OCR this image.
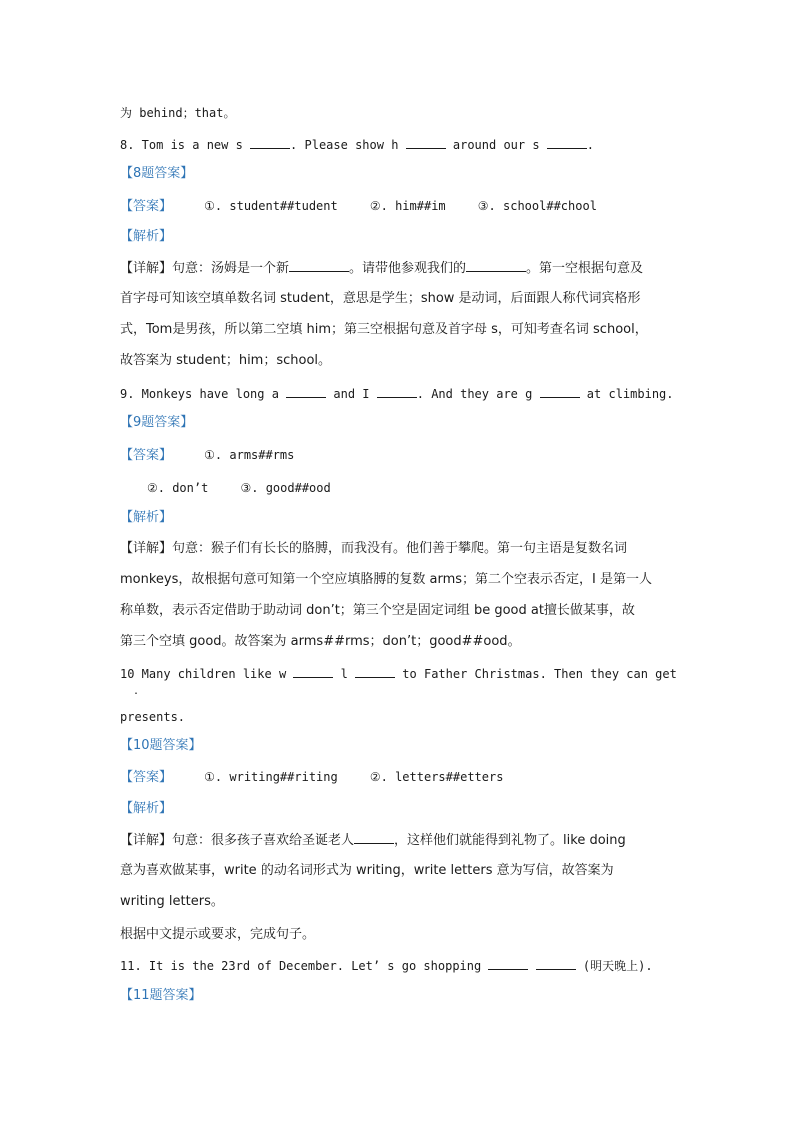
为 behind；that。
8. Tom is a new s	. Please show h	around our s	.
【8题答案】
【答案】	①. student##tudent	②. him##im	③. school##chool
【解析】
【详解】句意：汤姆是一个新	。请带他参观我们的	。第一空根据句意及
首字母可知该空填单数名词 student，意思是学生；show 是动词，后面跟人称代词宾格形
式，Tom是男孩，所以第二空填 him；第三空根据句意及首字母 s，可知考查名词 school，
故答案为 student；him；school。
9. Monkeys have long a	and I	. And they are g	at climbing.
【9题答案】
【答案】	①. arms##rms
②. don’t	③. good##ood
【解析】
【详解】句意：猴子们有长长的胳膊，而我没有。他们善于攀爬。第一句主语是复数名词
monkeys，故根据句意可知第一个空应填胳膊的复数 arms；第二个空表示否定，I 是第一人
称单数，表示否定借助于助动词 don’t；第三个空是固定词组 be good at擅长做某事，故
第三个空填 good。故答案为 arms##rms；don’t；good##ood。
10 Many children like w	l	to Father Christmas. Then they can get
.
presents.
【10题答案】
【答案】	①. writing##riting	②. letters##etters
【解析】
【详解】句意：很多孩子喜欢给圣诞老人	，这样他们就能得到礼物了。like doing
意为喜欢做某事，write 的动名词形式为 writing，write letters 意为写信，故答案为
writing letters。
根据中文提示或要求，完成句子。
11. It is the 23rd of December. Let’ s go shopping	(明天晚上).
【11题答案】
